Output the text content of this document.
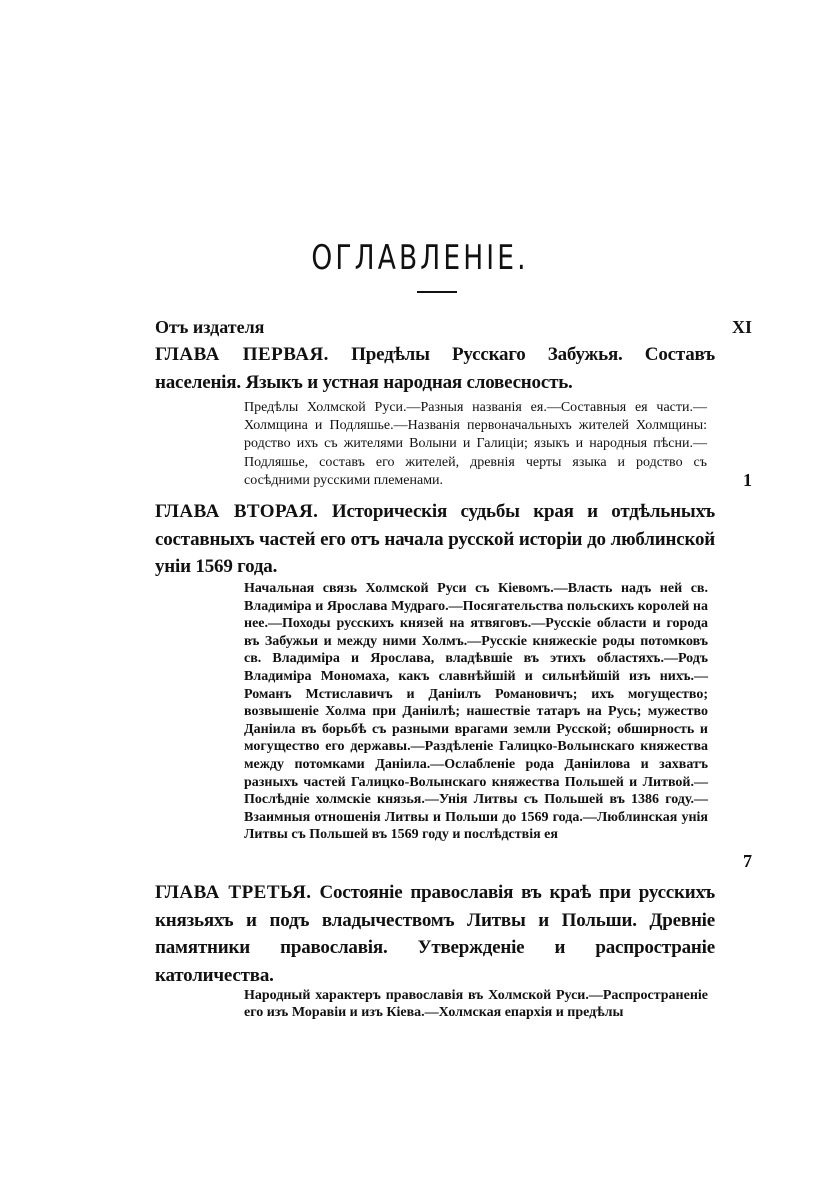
ОГЛАВЛЕНІЕ.
Отъ издателя	XI
ГЛАВА ПЕРВАЯ. Предѣлы Русскаго Забужья. Составъ населенія. Языкъ и устная народная словесность.
Предѣлы Холмской Руси.—Разныя названія ея.—Составныя ея части.—Холмщина и Подляшье.—Названія первоначальныхъ жителей Холмщины: родство ихъ съ жителями Волыни и Галиціи; языкъ и народныя пѣсни.—Подляшье, составъ его жителей, древнія черты языка и родство съ сосѣдними русскими племенами.	1
ГЛАВА ВТОРАЯ. Историческія судьбы края и отдѣльныхъ составныхъ частей его отъ начала русской исторіи до люблинской уніи 1569 года.
Начальная связь Холмской Руси съ Кіевомъ.—Власть надъ ней св. Владиміра и Ярослава Мудраго.—Посягательства польскихъ королей на нее.—Походы русскихъ князей на ятвяговъ.—Русскіе области и города въ Забужьи и между ними Холмъ.—Русскіе княжескіе роды потомковъ св. Владиміра и Ярослава, владѣвшіе въ этихъ областяхъ.—Родъ Владиміра Мономаха, какъ славнѣйшій и сильнѣйшій изъ нихъ.—Романъ Мстиславичъ и Даніилъ Романовичъ; ихъ могущество; возвышеніе Холма при Даніилѣ; нашествіе татаръ на Русь; мужество Даніила въ борьбѣ съ разными врагами земли Русской; обширность и могущество его державы.—Раздѣленіе Галицко-Волынскаго княжества между потомками Даніила.—Ослабленіе рода Даніилова и захватъ разныхъ частей Галицко-Волынскаго княжества Польшей и Литвой.—Послѣдніе холмскіе князья.—Унія Литвы съ Польшей въ 1386 году.—Взаимныя отношенія Литвы и Польши до 1569 года.—Люблинская унія Литвы съ Польшей въ 1569 году и послѣдствія ея
7
ГЛАВА ТРЕТЬЯ. Состояніе православія въ краѣ при русскихъ князьяхъ и подъ владычествомъ Литвы и Польши. Древніе памятники православія. Утвержденіе и распространіе католичества.
Народный характеръ православія въ Холмской Руси.—Распространеніе его изъ Моравіи и изъ Кіева.—Холмская епархія и предѣлы
